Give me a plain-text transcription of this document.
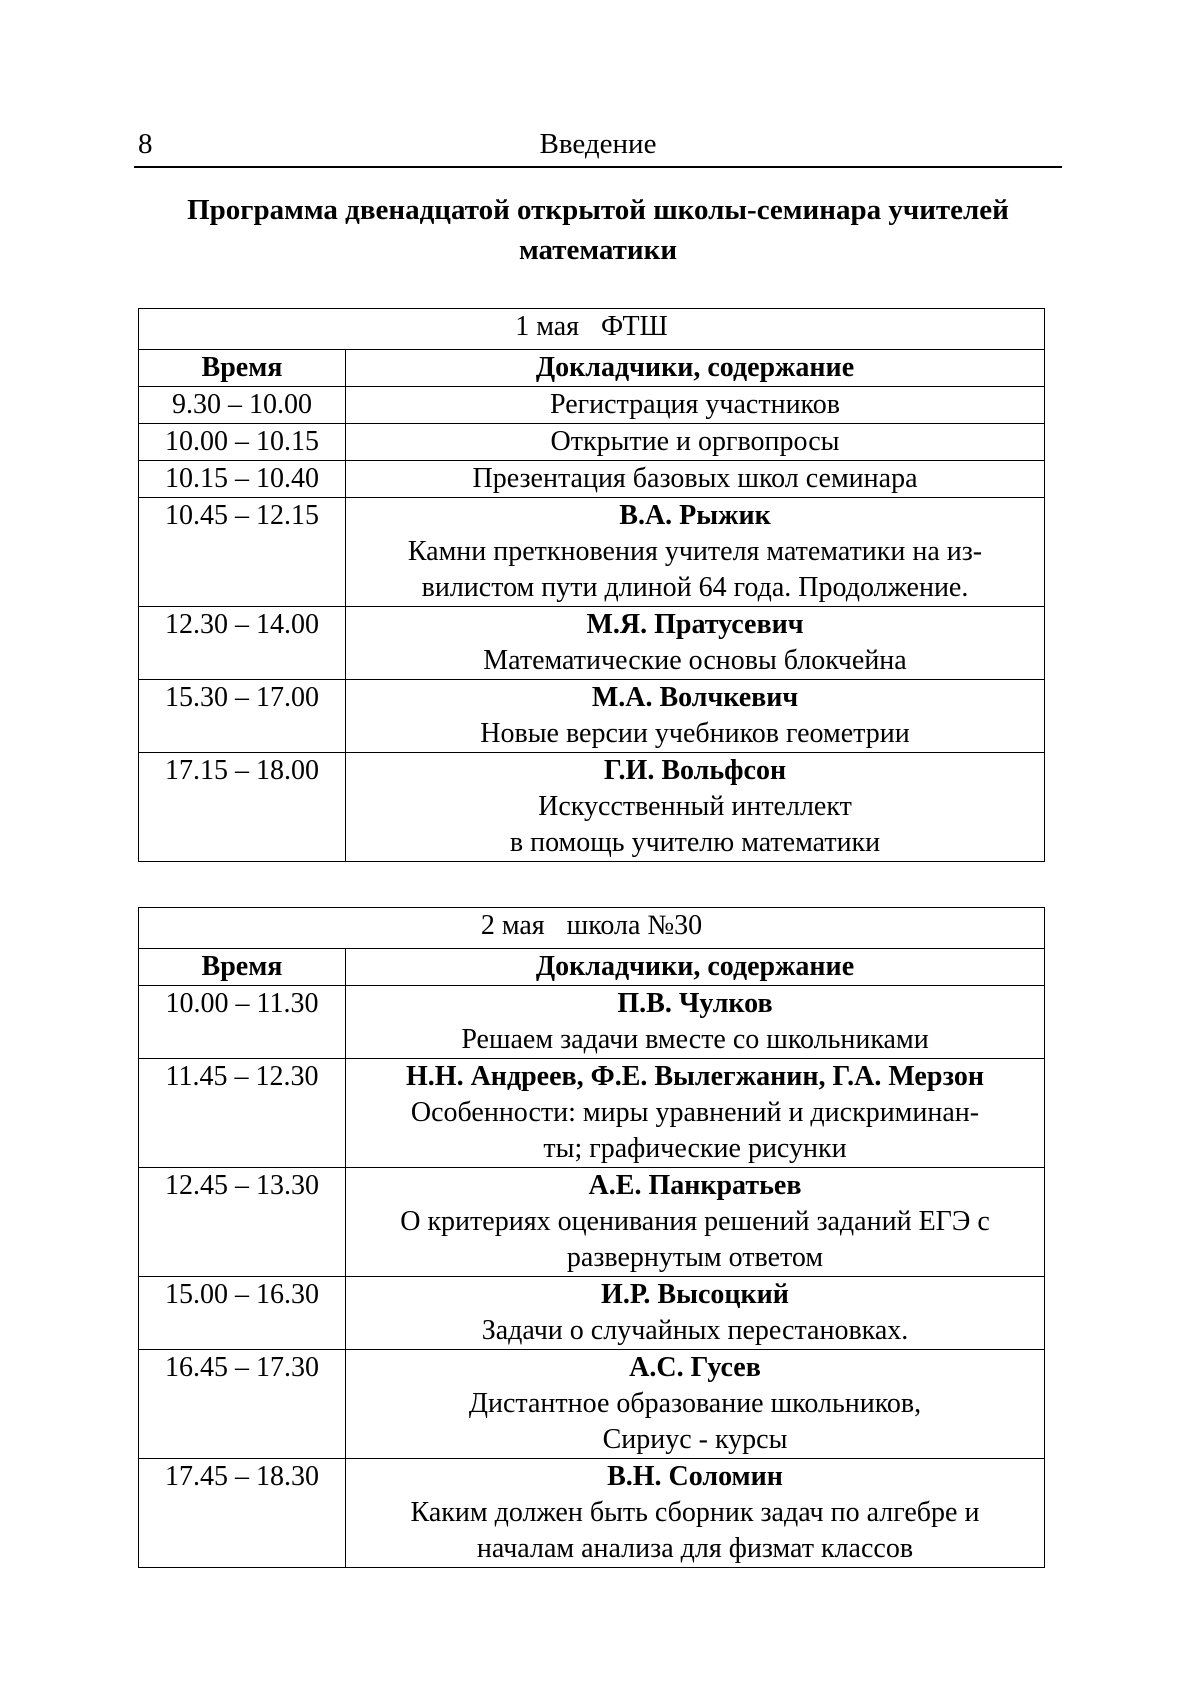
8	Введение
Программа двенадцатой открытой школы-семинара учителей
математики
1 мая ФТШ	
Время	Докладчики, содержание
9.30 – 10.00	Регистрация участников

10.00 – 10.15	Открытие и оргвопросы

10.15 – 10.40	Презентация базовых школ семинара

10.45 – 12.15	В.А. Рыжик
Камни преткновения учителя математики на из-
вилистом пути длиной 64 года. Продолжение.

12.30 – 14.00	М.Я. Пратусевич
Математические основы блокчейна

15.30 – 17.00	М.А. Волчкевич
Новые версии учебников геометрии

17.15 – 18.00	Г.И. Вольфсон
Искусственный интеллект
в помощь учителю математики
2 мая школа №30	
Время	Докладчики, содержание
10.00 – 11.30	П.В. Чулков
Решаем задачи вместе со школьниками

11.45 – 12.30	Н.Н. Андреев, Ф.Е. Вылегжанин, Г.А. Мерзон
Особенности: миры уравнений и дискриминан-
ты; графические рисунки

12.45 – 13.30	А.Е. Панкратьев
О критериях оценивания решений заданий ЕГЭ с
развернутым ответом

15.00 – 16.30	И.Р. Высоцкий
Задачи о случайных перестановках.

16.45 – 17.30	А.С. Гусев
Дистантное образование школьников,
Сириус - курсы

17.45 – 18.30	В.Н. Соломин
Каким должен быть сборник задач по алгебре и
началам анализа для физмат классов
